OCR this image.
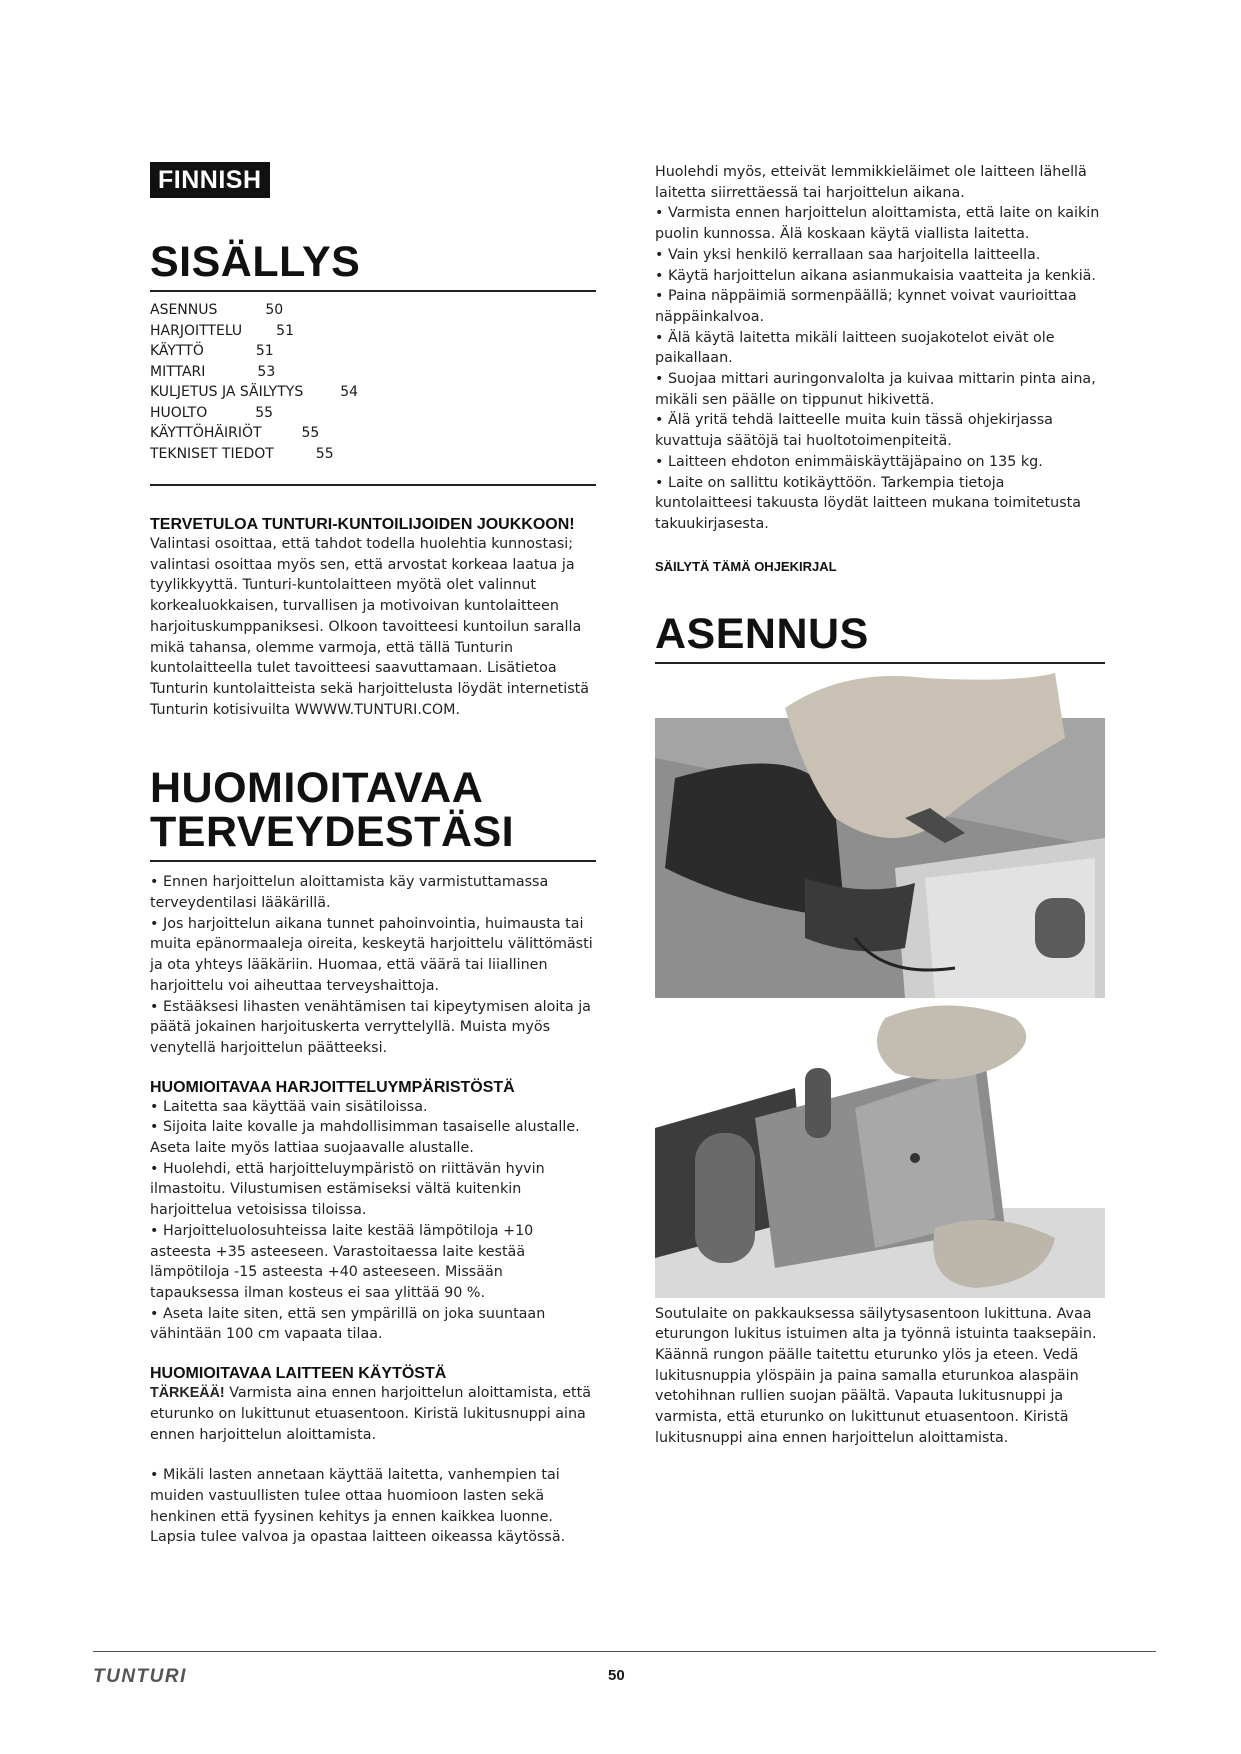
FINNISH
SISÄLLYS
ASENNUS	50
HARJOITTELU 51
KÄYTTÖ	51
MITTARI	53
KULJETUS JA SÄILYTYS	54
HUOLTO	55
KÄYTTÖHÄIRIÖT	55
TEKNISET TIEDOT	55
TERVETULOA TUNTURI-KUNTOILIJOIDEN JOUKKOON!
Valintasi osoittaa, että tahdot todella huolehtia kunnostasi; valintasi osoittaa myös sen, että arvostat korkeaa laatua ja tyylikkyyttä. Tunturi-kuntolaitteen myötä olet valinnut korkealuokkaisen, turvallisen ja motivoivan kuntolaitteen harjoituskumppaniksesi. Olkoon tavoitteesi kuntoilun saralla mikä tahansa, olemme varmoja, että tällä Tunturin kuntolaitteella tulet tavoitteesi saavuttamaan. Lisätietoa Tunturin kuntolaitteista sekä harjoittelusta löydät internetistä Tunturin kotisivuilta WWWW.TUNTURI.COM.
HUOMIOITAVAA
TERVEYDESTÄSI

• Ennen harjoittelun aloittamista käy varmistuttamassa terveydentilasi lääkärillä.

• Jos harjoittelun aikana tunnet pahoinvointia, huimausta tai muita epänormaaleja oireita, keskeytä harjoittelu välittömästi ja ota yhteys lääkäriin. Huomaa, että väärä tai liiallinen harjoittelu voi aiheuttaa terveyshaittoja.

• Estääksesi lihasten venähtämisen tai kipeytymisen aloita ja päätä jokainen harjoituskerta verryttelyllä. Muista myös venytellä harjoittelun päätteeksi.

HUOMIOITAVAA HARJOITTELUYMPÄRISTÖSTÄ

• Laitetta saa käyttää vain sisätiloissa.

• Sijoita laite kovalle ja mahdollisimman tasaiselle alustalle. Aseta laite myös lattiaa suojaavalle alustalle.

• Huolehdi, että harjoitteluympäristö on riittävän hyvin ilmastoitu. Vilustumisen estämiseksi vältä kuitenkin harjoittelua vetoisissa tiloissa.

• Harjoitteluolosuhteissa laite kestää lämpötiloja +10 asteesta +35 asteeseen. Varastoitaessa laite kestää lämpötiloja -15 asteesta +40 asteeseen. Missään tapauksessa ilman kosteus ei saa ylittää 90 %.

• Aseta laite siten, että sen ympärillä on joka suuntaan vähintään 100 cm vapaata tilaa.

HUOMIOITAVAA LAITTEEN KÄYTÖSTÄ
TÄRKEÄÄ! Varmista aina ennen harjoittelun aloittamista, että eturunko on lukittunut etuasentoon. Kiristä lukitusnuppi aina ennen harjoittelun aloittamista.
• Mikäli lasten annetaan käyttää laitetta, vanhempien tai muiden vastuullisten tulee ottaa huomioon lasten sekä henkinen että fyysinen kehitys ja ennen kaikkea luonne. Lapsia tulee valvoa ja opastaa laitteen oikeassa käytössä.
Huolehdi myös, etteivät lemmikkieläimet ole laitteen lähellä laitetta siirrettäessä tai harjoittelun aikana.

• Varmista ennen harjoittelun aloittamista, että laite on kaikin puolin kunnossa. Älä koskaan käytä viallista laitetta.

• Vain yksi henkilö kerrallaan saa harjoitella laitteella.

• Käytä harjoittelun aikana asianmukaisia vaatteita ja kenkiä.

• Paina näppäimiä sormenpäällä; kynnet voivat vaurioittaa näppäinkalvoa.

• Älä käytä laitetta mikäli laitteen suojakotelot eivät ole paikallaan.

• Suojaa mittari auringonvalolta ja kuivaa mittarin pinta aina, mikäli sen päälle on tippunut hikivettä.

• Älä yritä tehdä laitteelle muita kuin tässä ohjekirjassa kuvattuja säätöjä tai huoltotoimenpiteitä.

• Laitteen ehdoton enimmäiskäyttäjäpaino on 135 kg.

• Laite on sallittu kotikäyttöön. Tarkempia tietoja kuntolaitteesi takuusta löydät laitteen mukana toimitetusta takuukirjasesta.

SÄILYTÄ TÄMÄ OHJEKIRJAL
ASENNUS
Soutulaite on pakkauksessa säilytysasentoon lukittuna. Avaa eturungon lukitus istuimen alta ja työnnä istuinta taaksepäin. Käännä rungon päälle taitettu eturunko ylös ja eteen. Vedä lukitusnuppia ylöspäin ja paina samalla eturunkoa alaspäin vetohihnan rullien suojan päältä. Vapauta lukitusnuppi ja varmista, että eturunko on lukittunut etuasentoon. Kiristä lukitusnuppi aina ennen harjoittelun aloittamista.
TUNTURI	50
